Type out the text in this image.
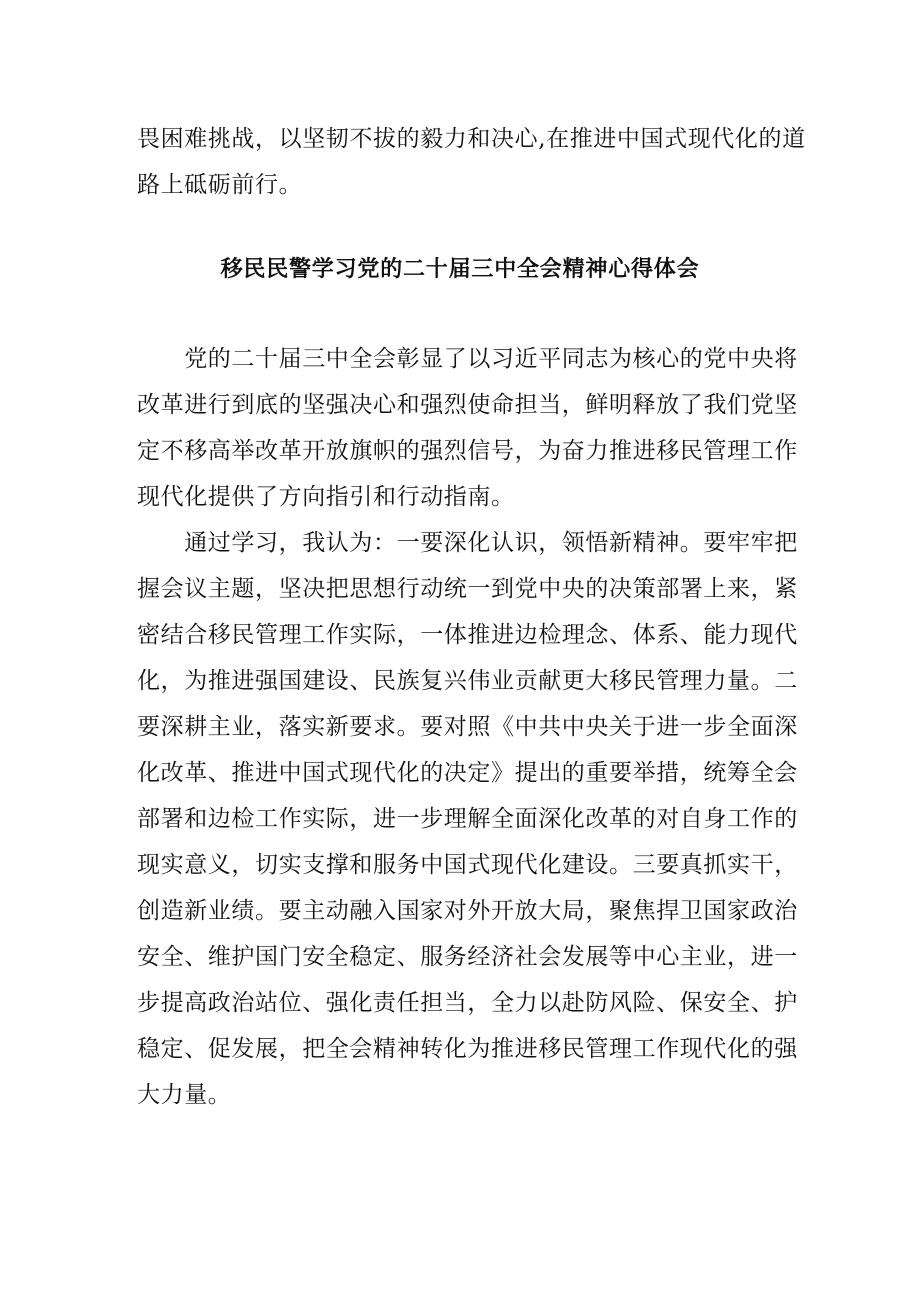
畏困难挑战，以坚韧不拔的毅力和决心,在推进中国式现代化的道
路上砥砺前行。
移民民警学习党的二十届三中全会精神心得体会
　　党的二十届三中全会彰显了以习近平同志为核心的党中央将
改革进行到底的坚强决心和强烈使命担当，鲜明释放了我们党坚
定不移高举改革开放旗帜的强烈信号，为奋力推进移民管理工作
现代化提供了方向指引和行动指南。
　　通过学习，我认为：一要深化认识，领悟新精神。要牢牢把
握会议主题，坚决把思想行动统一到党中央的决策部署上来，紧
密结合移民管理工作实际，一体推进边检理念、体系、能力现代
化，为推进强国建设、民族复兴伟业贡献更大移民管理力量。二
要深耕主业，落实新要求。要对照《中共中央关于进一步全面深
化改革、推进中国式现代化的决定》提出的重要举措，统筹全会
部署和边检工作实际，进一步理解全面深化改革的对自身工作的
现实意义，切实支撑和服务中国式现代化建设。三要真抓实干，
创造新业绩。要主动融入国家对外开放大局，聚焦捍卫国家政治
安全、维护国门安全稳定、服务经济社会发展等中心主业，进一
步提高政治站位、强化责任担当，全力以赴防风险、保安全、护
稳定、促发展，把全会精神转化为推进移民管理工作现代化的强
大力量。
